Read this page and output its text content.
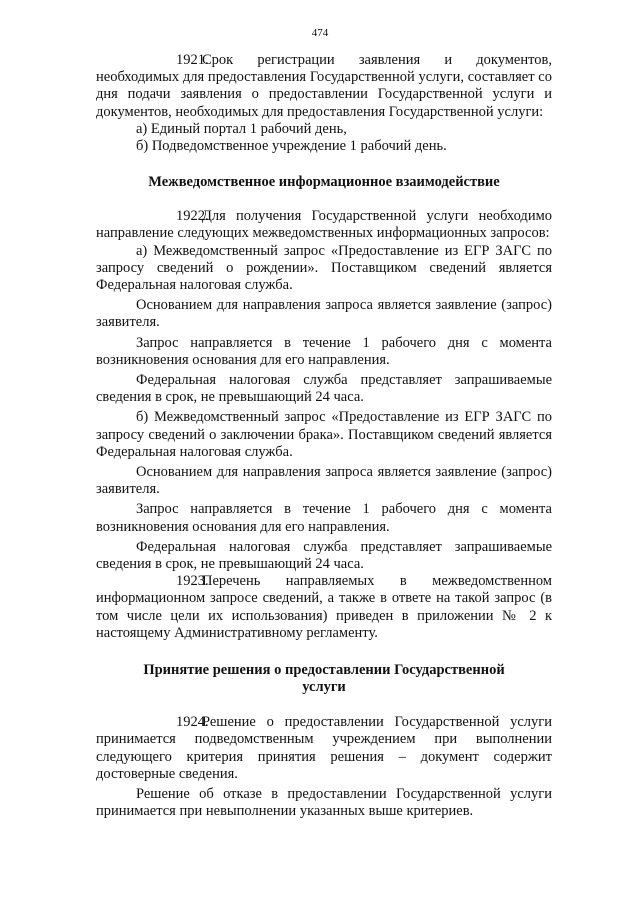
474

1921.Срок регистрации заявления и документов, необходимых для предоставления Государственной услуги, составляет со дня подачи заявления о предоставлении Государственной услуги и документов, необходимых для предоставления Государственной услуги:

а) Единый портал 1 рабочий день,

б) Подведомственное учреждение 1 рабочий день.

Межведомственное информационное взаимодействие

1922.Для получения Государственной услуги необходимо направление следующих межведомственных информационных запросов:

а) Межведомственный запрос «Предоставление из ЕГР ЗАГС по запросу сведений о рождении». Поставщиком сведений является Федеральная налоговая служба.

Основанием для направления запроса является заявление (запрос) заявителя.

Запрос направляется в течение 1 рабочего дня с момента возникновения основания для его направления.

Федеральная налоговая служба представляет запрашиваемые сведения в срок, не превышающий 24 часа.

б) Межведомственный запрос «Предоставление из ЕГР ЗАГС по запросу сведений о заключении брака». Поставщиком сведений является Федеральная налоговая служба.

Основанием для направления запроса является заявление (запрос) заявителя.

Запрос направляется в течение 1 рабочего дня с момента возникновения основания для его направления.

Федеральная налоговая служба представляет запрашиваемые сведения в срок, не превышающий 24 часа.

1923.Перечень направляемых в межведомственном информационном запросе сведений, а также в ответе на такой запрос (в том числе цели их использования) приведен в приложении № 2 к настоящему Административному регламенту.

Принятие решения о предоставлении Государственной услуги

1924.Решение о предоставлении Государственной услуги принимается подведомственным учреждением при выполнении следующего критерия принятия решения – документ содержит достоверные сведения.

Решение об отказе в предоставлении Государственной услуги принимается при невыполнении указанных выше критериев.
